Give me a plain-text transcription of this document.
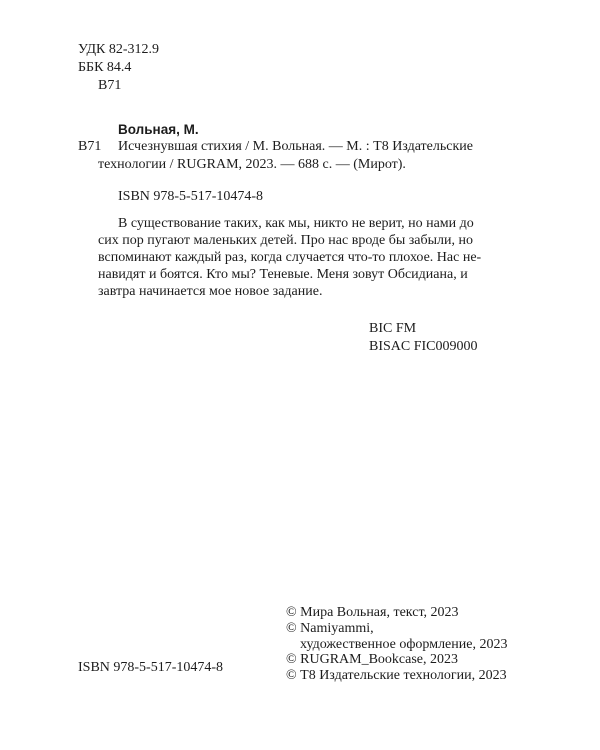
УДК 82-312.9
ББК 84.4
В71
Вольная, М.
В71 Исчезнувшая стихия / М. Вольная. — М. : Т8 Издательские
технологии / RUGRAM, 2023. — 688 с. — (Мирот).
ISBN 978-5-517-10474-8
В существование таких, как мы, никто не верит, но нами до
сих пор пугают маленьких детей. Про нас вроде бы забыли, но
вспоминают каждый раз, когда случается что-то плохое. Нас не-
навидят и боятся. Кто мы? Теневые. Меня зовут Обсидиана, и
завтра начинается мое новое задание.
BIC FM
BISAC FIC009000
ISBN 978-5-517-10474-8
© Мира Вольная, текст, 2023
© Namiyammi,
художественное оформление, 2023
© RUGRAM_Bookcase, 2023
© Т8 Издательские технологии, 2023
